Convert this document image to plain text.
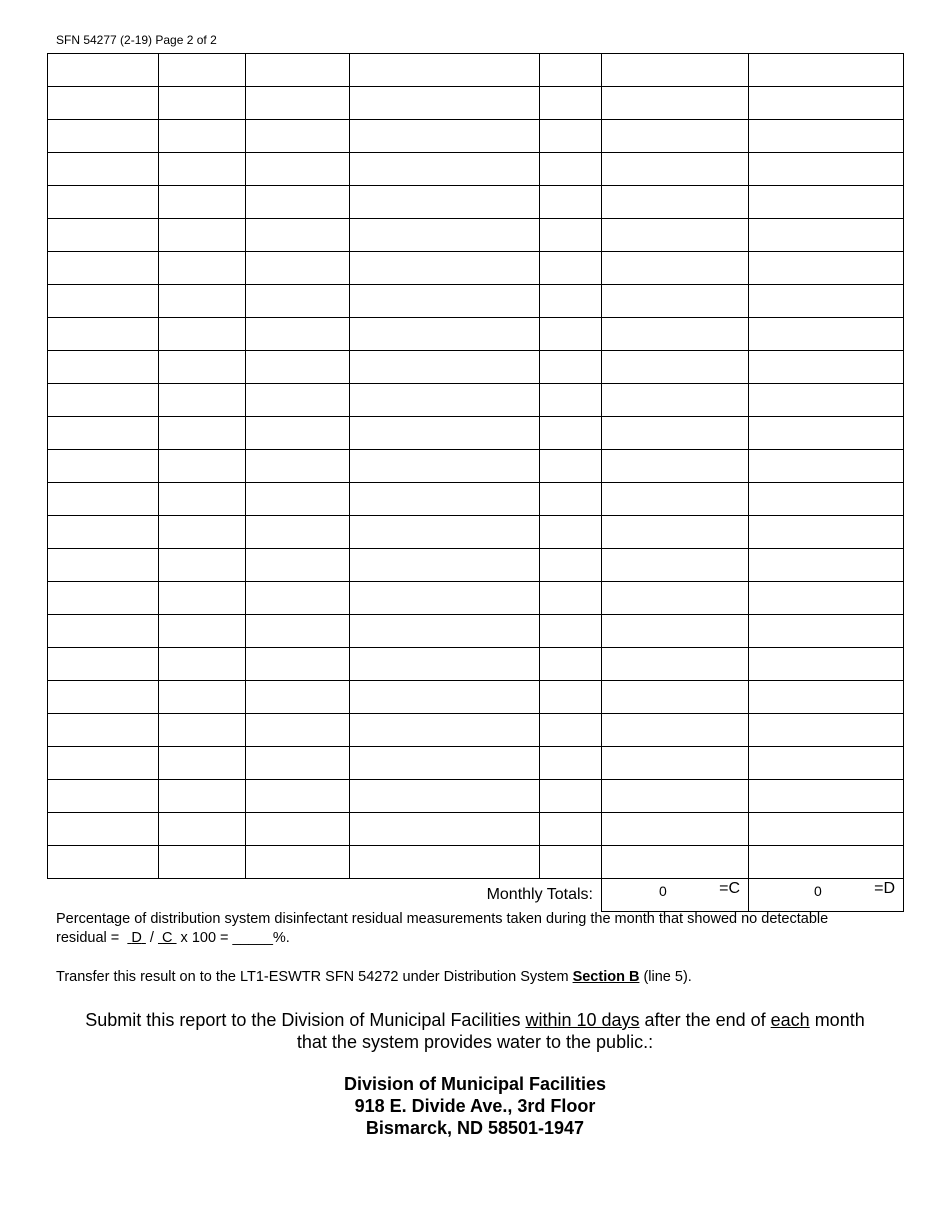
SFN 54277 (2-19) Page 2 of 2

Monthly Totals:					0 =C	0 =D
Percentage of distribution system disinfectant residual measurements taken during the month that showed no detectable
residual =   D  /  C  x 100 = _____%.
Transfer this result on to the LT1-ESWTR SFN 54272 under Distribution System Section B (line 5).
Submit this report to the Division of Municipal Facilities within 10 days after the end of each month
that the system provides water to the public.:
Division of Municipal Facilities
918 E. Divide Ave., 3rd Floor
Bismarck, ND 58501-1947
